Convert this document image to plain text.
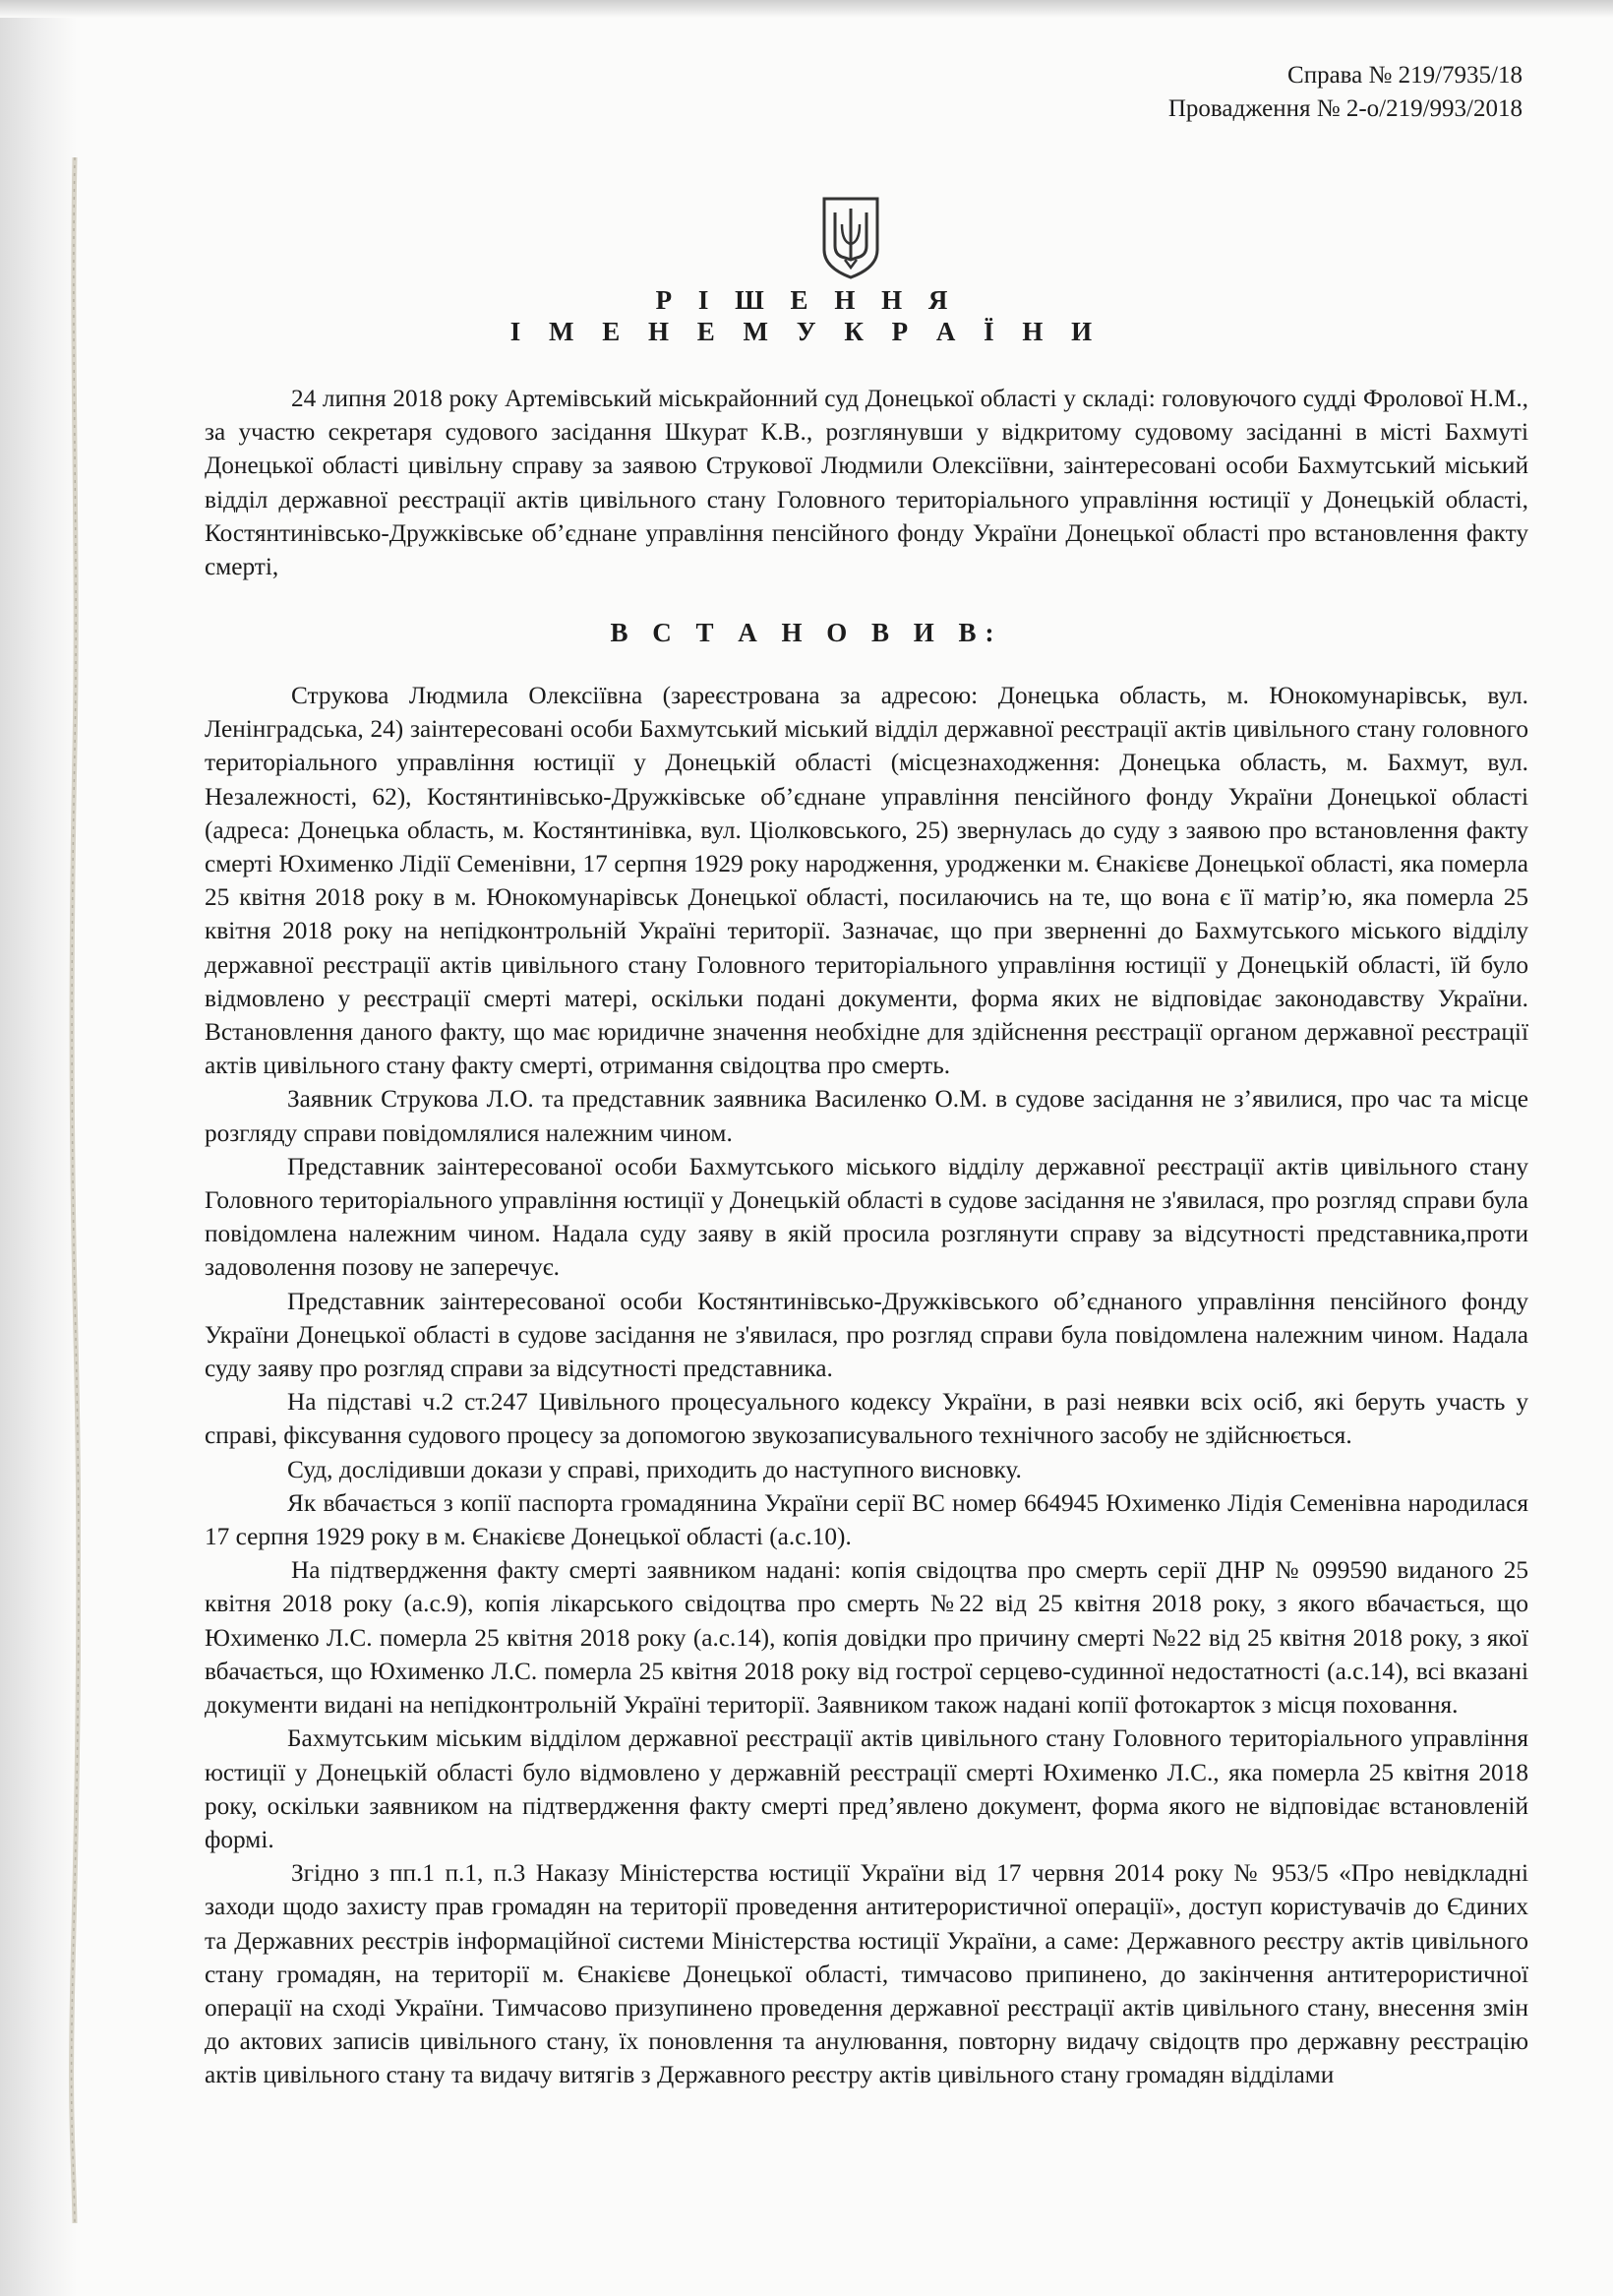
Справа № 219/7935/18
Провадження № 2-о/219/993/2018
Р І Ш Е Н Н Я
І М Е Н Е М У К Р А Ї Н И

24 липня 2018 року Артемівський міськрайонний суд Донецької області у складі: головуючого судді Фролової Н.М., за участю секретаря судового засідання Шкурат К.В., розглянувши у відкритому судовому засіданні в місті Бахмуті Донецької області цивільну справу за заявою Струкової Людмили Олексіївни, заінтересовані особи Бахмутський міський відділ державної реєстрації актів цивільного стану Головного територіального управління юстиції у Донецькій області, Костянтинівсько-Дружківське об’єднане управління пенсійного фонду України Донецької області про встановлення факту смерті,

В С Т А Н О В И В:

Струкова Людмила Олексіївна (зареєстрована за адресою: Донецька область, м. Юнокомунарівськ, вул. Ленінградська, 24) заінтересовані особи Бахмутський міський відділ державної реєстрації актів цивільного стану головного територіального управління юстиції у Донецькій області (місцезнаходження: Донецька область, м. Бахмут, вул. Незалежності, 62), Костянтинівсько-Дружківське об’єднане управління пенсійного фонду України Донецької області (адреса: Донецька область, м. Костянтинівка, вул. Ціолковського, 25) звернулась до суду з заявою про встановлення факту смерті Юхименко Лідії Семенівни, 17 серпня 1929 року народження, уродженки м. Єнакієве Донецької області, яка померла 25 квітня 2018 року в м. Юнокомунарівськ Донецької області, посилаючись на те, що вона є її матір’ю, яка померла 25 квітня 2018 року на непідконтрольній Україні території. Зазначає, що при зверненні до Бахмутського міського відділу державної реєстрації актів цивільного стану Головного територіального управління юстиції у Донецькій області, їй було відмовлено у реєстрації смерті матері, оскільки подані документи, форма яких не відповідає законодавству України. Встановлення даного факту, що має юридичне значення необхідне для здійснення реєстрації органом державної реєстрації актів цивільного стану факту смерті, отримання свідоцтва про смерть.

Заявник Струкова Л.О. та представник заявника Василенко О.М. в судове засідання не з’явилися, про час та місце розгляду справи повідомлялися належним чином.

Представник заінтересованої особи Бахмутського міського відділу державної реєстрації актів цивільного стану Головного територіального управління юстиції у Донецькій області в судове засідання не з'явилася, про розгляд справи була повідомлена належним чином. Надала суду заяву в якій просила розглянути справу за відсутності представника,проти задоволення позову не заперечує.

Представник заінтересованої особи Костянтинівсько-Дружківського об’єднаного управління пенсійного фонду України Донецької області в судове засідання не з'явилася, про розгляд справи була повідомлена належним чином. Надала суду заяву про розгляд справи за відсутності представника.

На підставі ч.2 ст.247 Цивільного процесуального кодексу України, в разі неявки всіх осіб, які беруть участь у справі, фіксування судового процесу за допомогою звукозаписувального технічного засобу не здійснюється.

Суд, дослідивши докази у справі, приходить до наступного висновку.

Як вбачається з копії паспорта громадянина України серії ВС номер 664945 Юхименко Лідія Семенівна народилася 17 серпня 1929 року в м. Єнакієве Донецької області (а.с.10).

На підтвердження факту смерті заявником надані: копія свідоцтва про смерть серії ДНР № 099590 виданого 25 квітня 2018 року (а.с.9), копія лікарського свідоцтва про смерть №22 від 25 квітня 2018 року, з якого вбачається, що Юхименко Л.С. померла 25 квітня 2018 року (а.с.14), копія довідки про причину смерті №22 від 25 квітня 2018 року, з якої вбачається, що Юхименко Л.С. померла 25 квітня 2018 року від гострої серцево-судинної недостатності (а.с.14), всі вказані документи видані на непідконтрольній Україні території. Заявником також надані копії фотокарток з місця поховання.

Бахмутським міським відділом державної реєстрації актів цивільного стану Головного територіального управління юстиції у Донецькій області було відмовлено у державній реєстрації смерті Юхименко Л.С., яка померла 25 квітня 2018 року, оскільки заявником на підтвердження факту смерті пред’явлено документ, форма якого не відповідає встановленій формі.

Згідно з пп.1 п.1, п.3 Наказу Міністерства юстиції України від 17 червня 2014 року № 953/5 «Про невідкладні заходи щодо захисту прав громадян на території проведення антитерористичної операції», доступ користувачів до Єдиних та Державних реєстрів інформаційної системи Міністерства юстиції України, а саме: Державного реєстру актів цивільного стану громадян, на території м. Єнакієве Донецької області, тимчасово припинено, до закінчення антитерористичної операції на сході України. Тимчасово призупинено проведення державної реєстрації актів цивільного стану, внесення змін до актових записів цивільного стану, їх поновлення та анулювання, повторну видачу свідоцтв про державну реєстрацію актів цивільного стану та видачу витягів з Державного реєстру актів цивільного стану громадян відділами
